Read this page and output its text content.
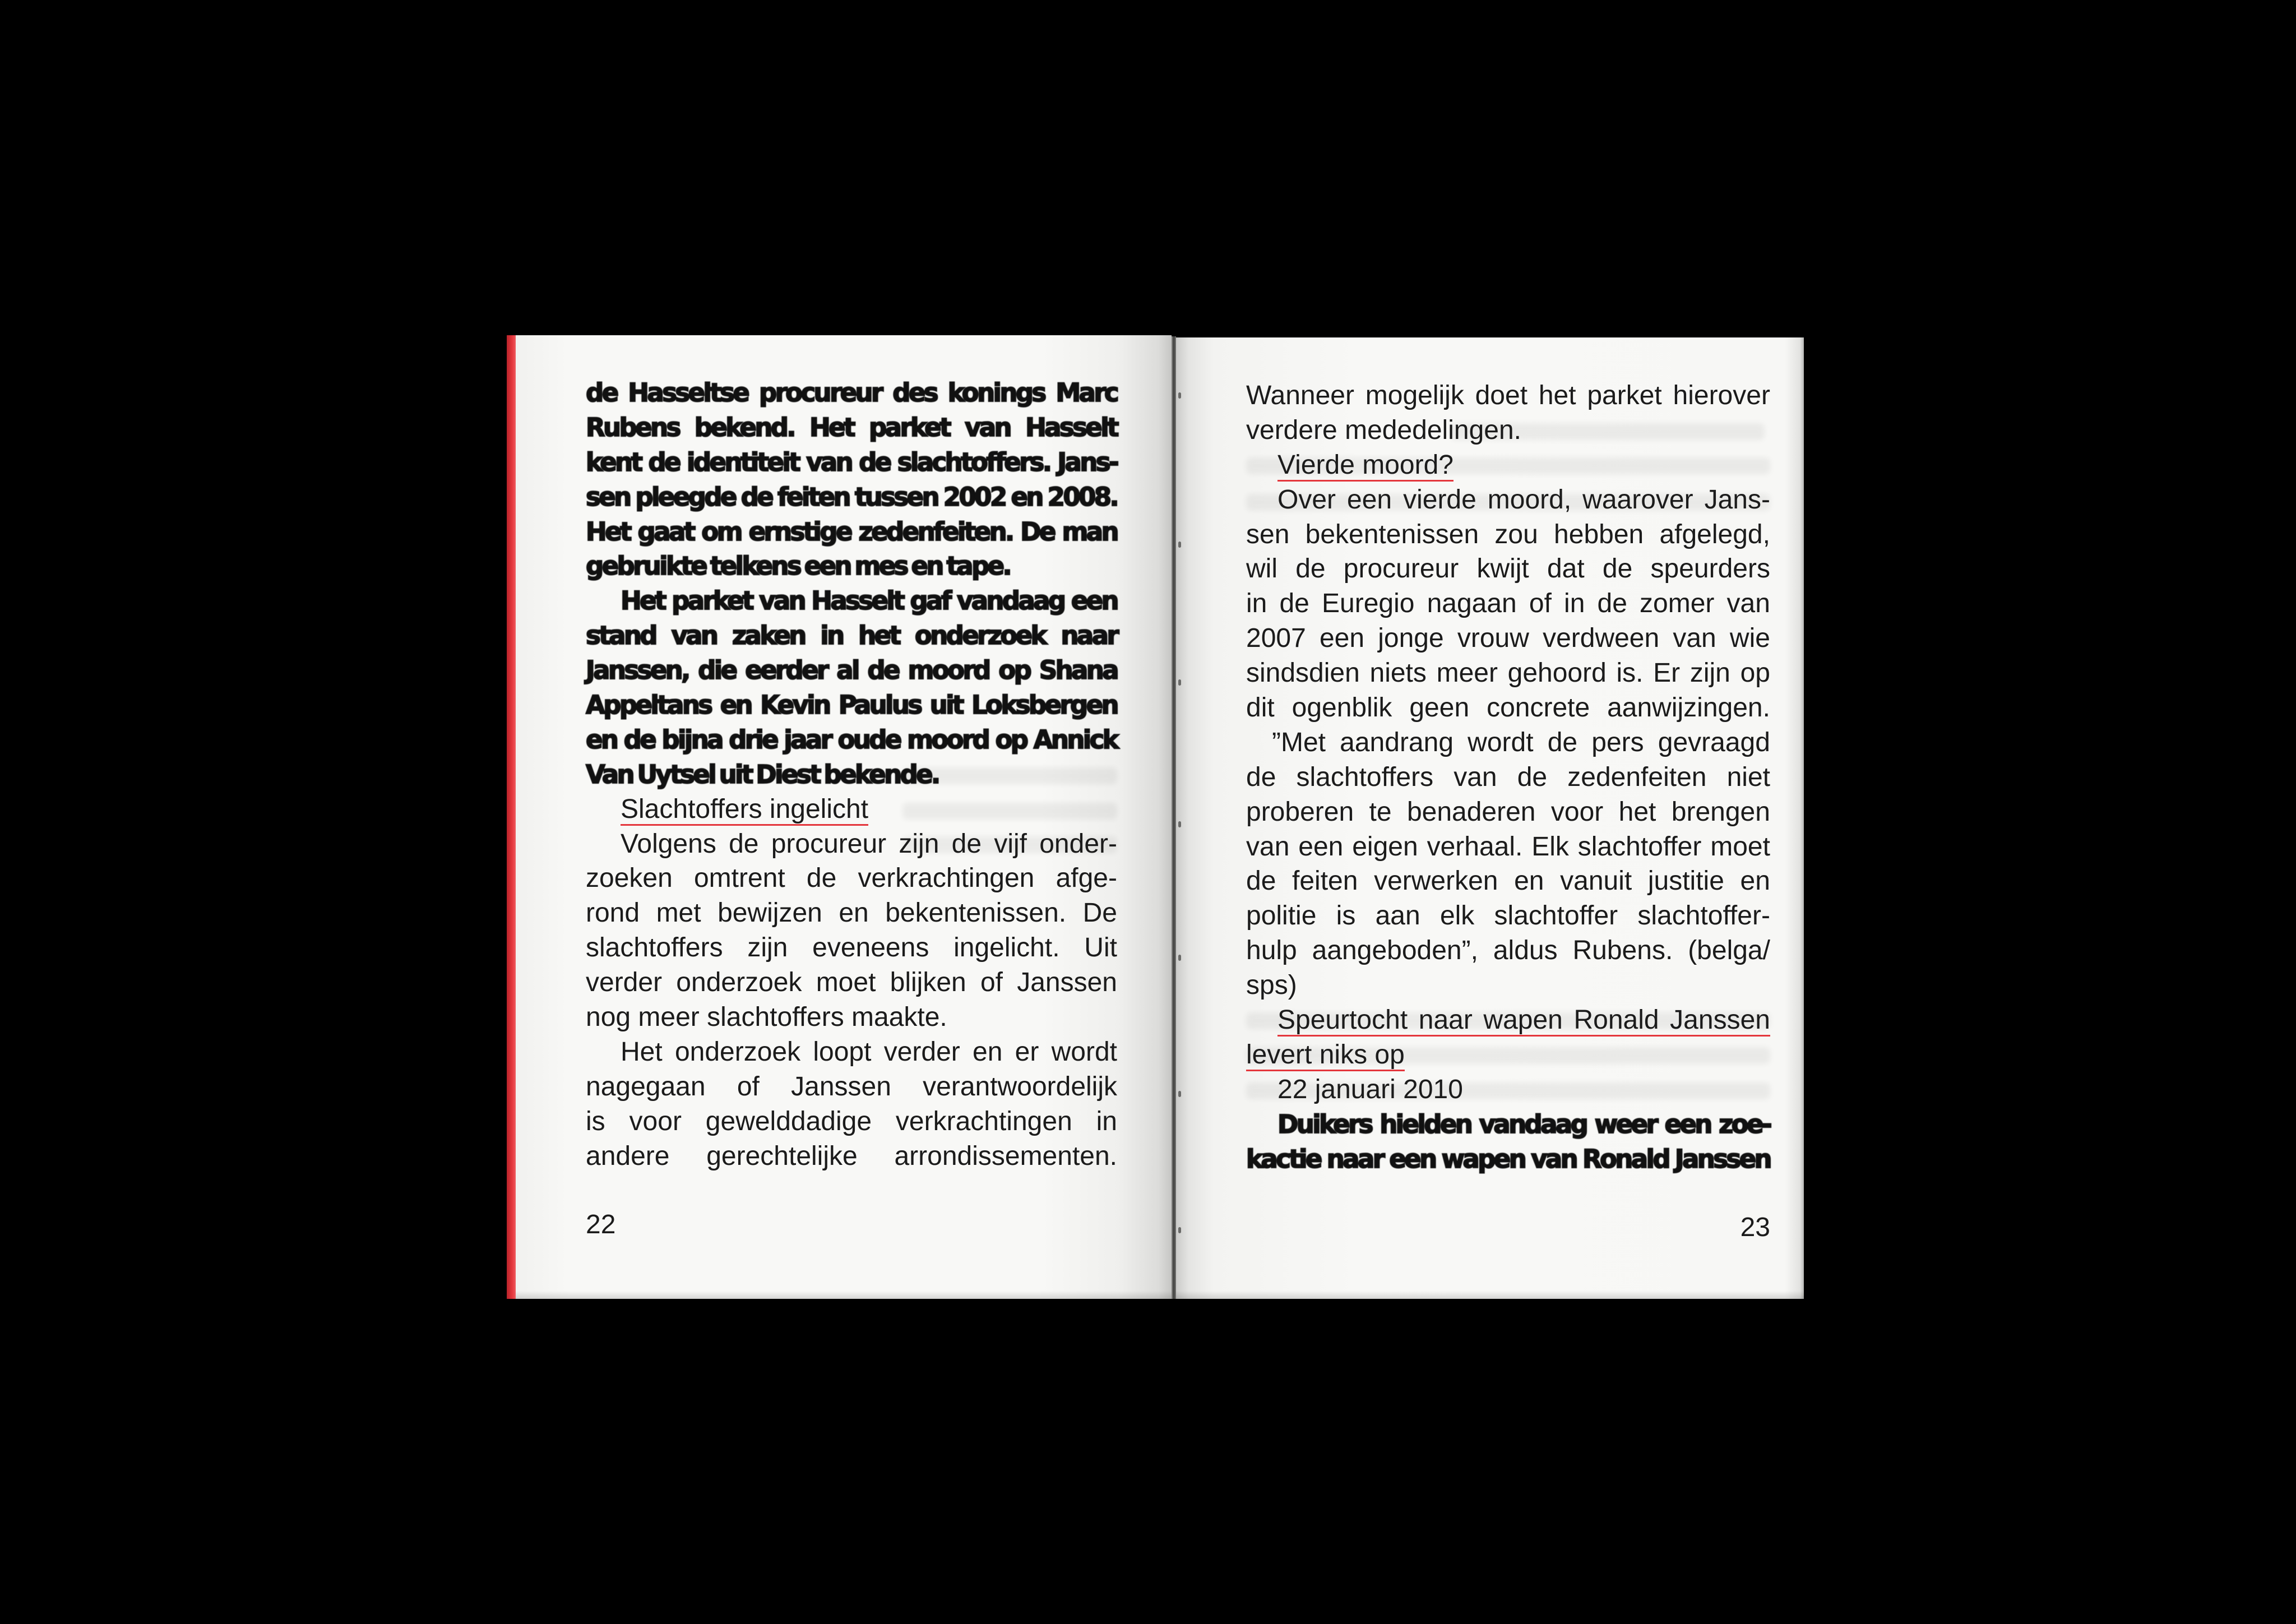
de Hasseltse procureur des konings Marc
Rubens bekend. Het parket van Hasselt
kent de identiteit van de slachtoffers. Jans-
sen pleegde de feiten tussen 2002 en 2008.
Het gaat om ernstige zedenfeiten. De man
gebruikte telkens een mes en tape.
Het parket van Hasselt gaf vandaag een
stand van zaken in het onderzoek naar
Janssen, die eerder al de moord op Shana
Appeltans en Kevin Paulus uit Loksbergen
en de bijna drie jaar oude moord op Annick
Van Uytsel uit Diest bekende.
Slachtoffers ingelicht
Volgens de procureur zijn de vijf onder-
zoeken omtrent de verkrachtingen afge-
rond met bewijzen en bekentenissen. De
slachtoffers zijn eveneens ingelicht. Uit
verder onderzoek moet blijken of Janssen
nog meer slachtoffers maakte.
Het onderzoek loopt verder en er wordt
nagegaan of Janssen verantwoordelijk
is voor gewelddadige verkrachtingen in
andere gerechtelijke arrondissementen.
22
Wanneer mogelijk doet het parket hierover
verdere mededelingen.
Vierde moord?
Over een vierde moord, waarover Jans-
sen bekentenissen zou hebben afgelegd,
wil de procureur kwijt dat de speurders
in de Euregio nagaan of in de zomer van
2007 een jonge vrouw verdween van wie
sindsdien niets meer gehoord is. Er zijn op
dit ogenblik geen concrete aanwijzingen.
”Met aandrang wordt de pers gevraagd
de slachtoffers van de zedenfeiten niet
proberen te benaderen voor het brengen
van een eigen verhaal. Elk slachtoffer moet
de feiten verwerken en vanuit justitie en
politie is aan elk slachtoffer slachtoffer-
hulp aangeboden”, aldus Rubens. (belga/
sps)
Speurtocht naar wapen Ronald Janssen
levert niks op
22 januari 2010
Duikers hielden vandaag weer een zoe-
kactie naar een wapen van Ronald Janssen
23
